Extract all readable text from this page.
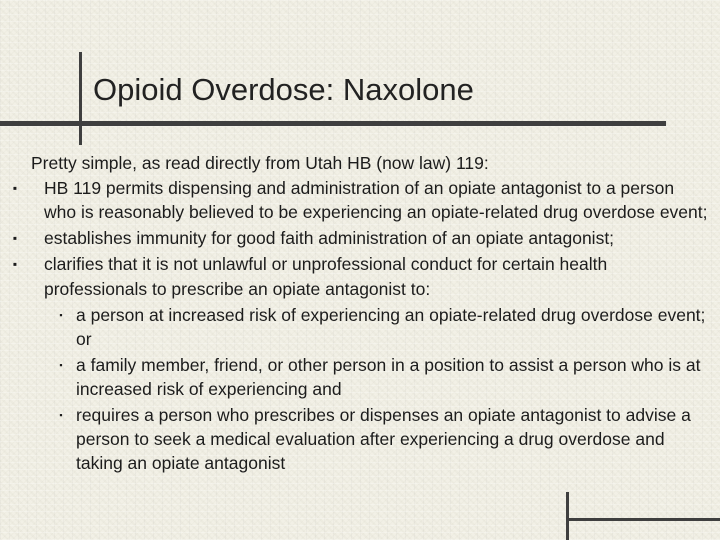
Opioid Overdose: Naxolone

Pretty simple, as read directly from Utah HB (now law) 119:

▪ HB 119 permits dispensing and administration of an opiate antagonist to a person who is reasonably believed to be experiencing an opiate-related drug overdose event;
▪ establishes immunity for good faith administration of an opiate antagonist;
▪ clarifies that it is not unlawful or unprofessional conduct for certain health professionals to prescribe an opiate antagonist to:
▪ a person at increased risk of experiencing an opiate-related drug overdose event; or
▪ a family member, friend, or other person in a position to assist a person who is at increased risk of experiencing and
▪ requires a person who prescribes or dispenses an opiate antagonist to advise a person to seek a medical evaluation after experiencing a drug overdose and taking an opiate antagonist
